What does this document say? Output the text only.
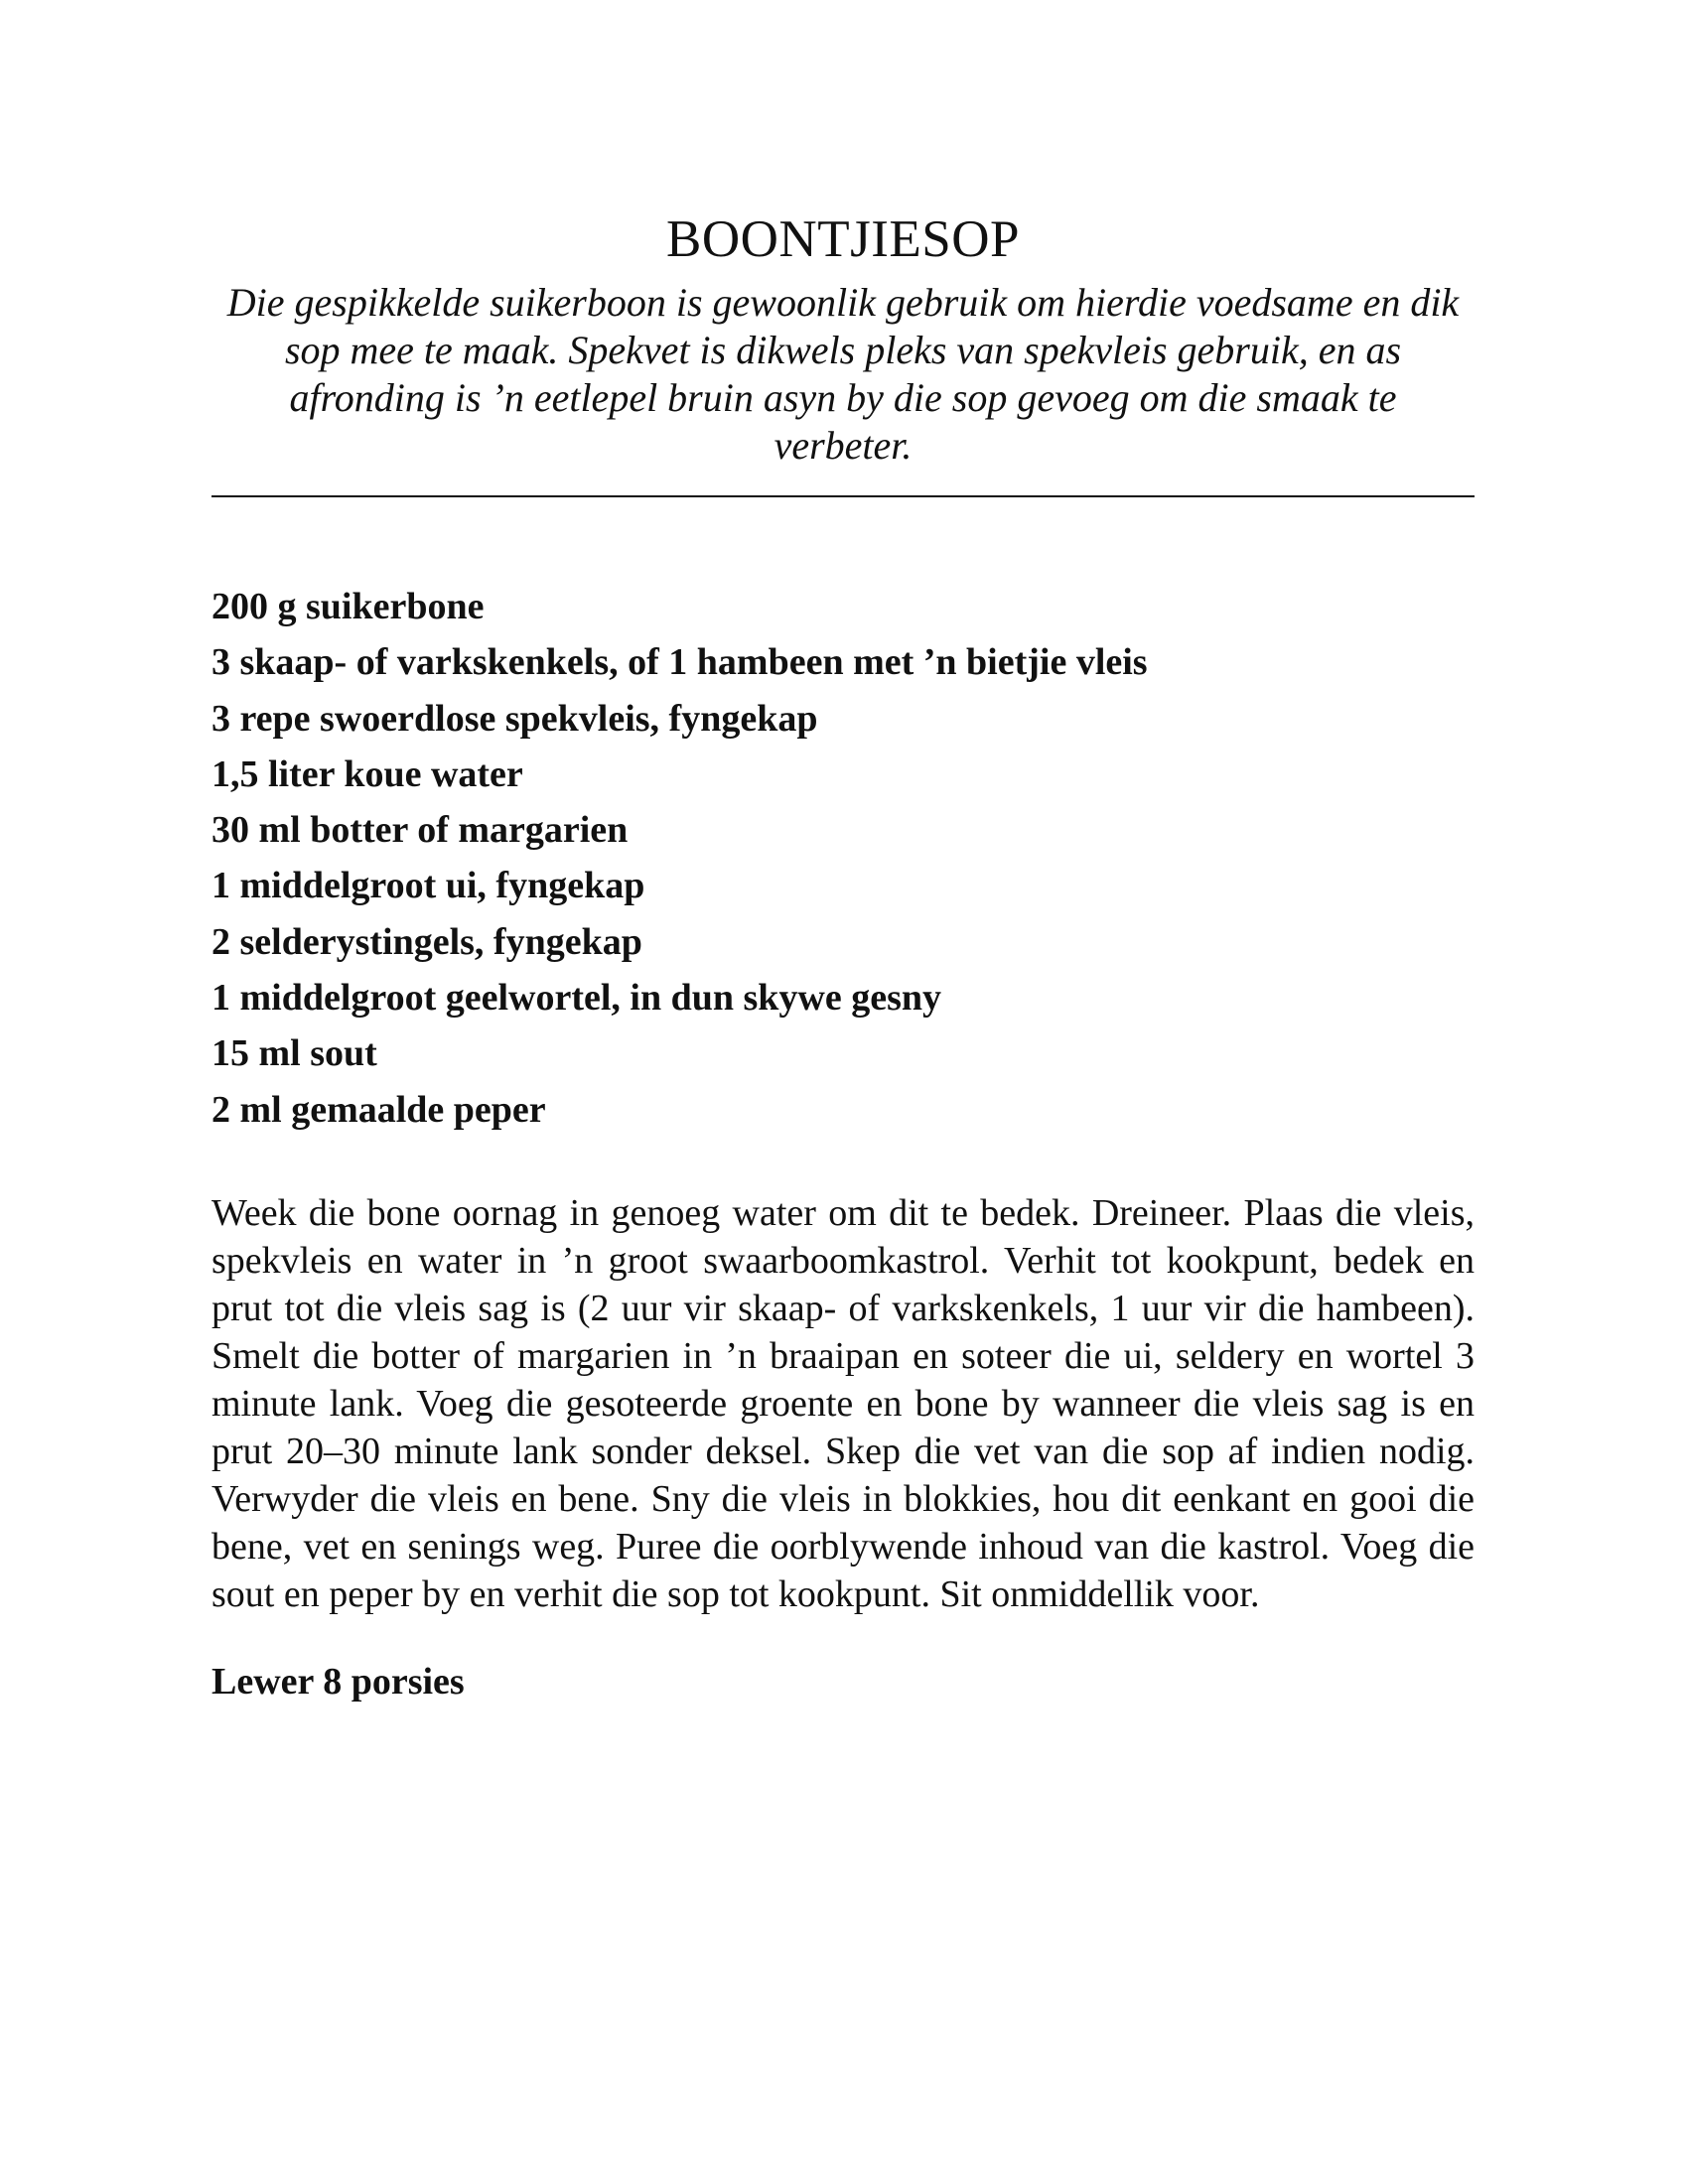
BOONTJIESOP

Die gespikkelde suikerboon is gewoonlik gebruik om hierdie voedsame en dik sop mee te maak. Spekvet is dikwels pleks van spekvleis gebruik, en as afronding is ’n eetlepel bruin asyn by die sop gevoeg om die smaak te verbeter.

200 g suikerbone
3 skaap- of varkskenkels, of 1 hambeen met ’n bietjie vleis
3 repe swoerdlose spekvleis, fyngekap
1,5 liter koue water
30 ml botter of margarien
1 middelgroot ui, fyngekap
2 selderystingels, fyngekap
1 middelgroot geelwortel, in dun skywe gesny
15 ml sout
2 ml gemaalde peper

Week die bone oornag in genoeg water om dit te bedek. Dreineer. Plaas die vleis, spekvleis en water in ’n groot swaarboomkastrol. Verhit tot kookpunt, bedek en prut tot die vleis sag is (2 uur vir skaap- of varkskenkels, 1 uur vir die hambeen). Smelt die botter of margarien in ’n braaipan en soteer die ui, seldery en wortel 3 minute lank. Voeg die gesoteerde groente en bone by wanneer die vleis sag is en prut 20–30 minute lank sonder deksel. Skep die vet van die sop af indien nodig. Verwyder die vleis en bene. Sny die vleis in blokkies, hou dit eenkant en gooi die bene, vet en senings weg. Puree die oorblywende inhoud van die kastrol. Voeg die sout en peper by en verhit die sop tot kookpunt. Sit onmiddellik voor.

Lewer 8 porsies
